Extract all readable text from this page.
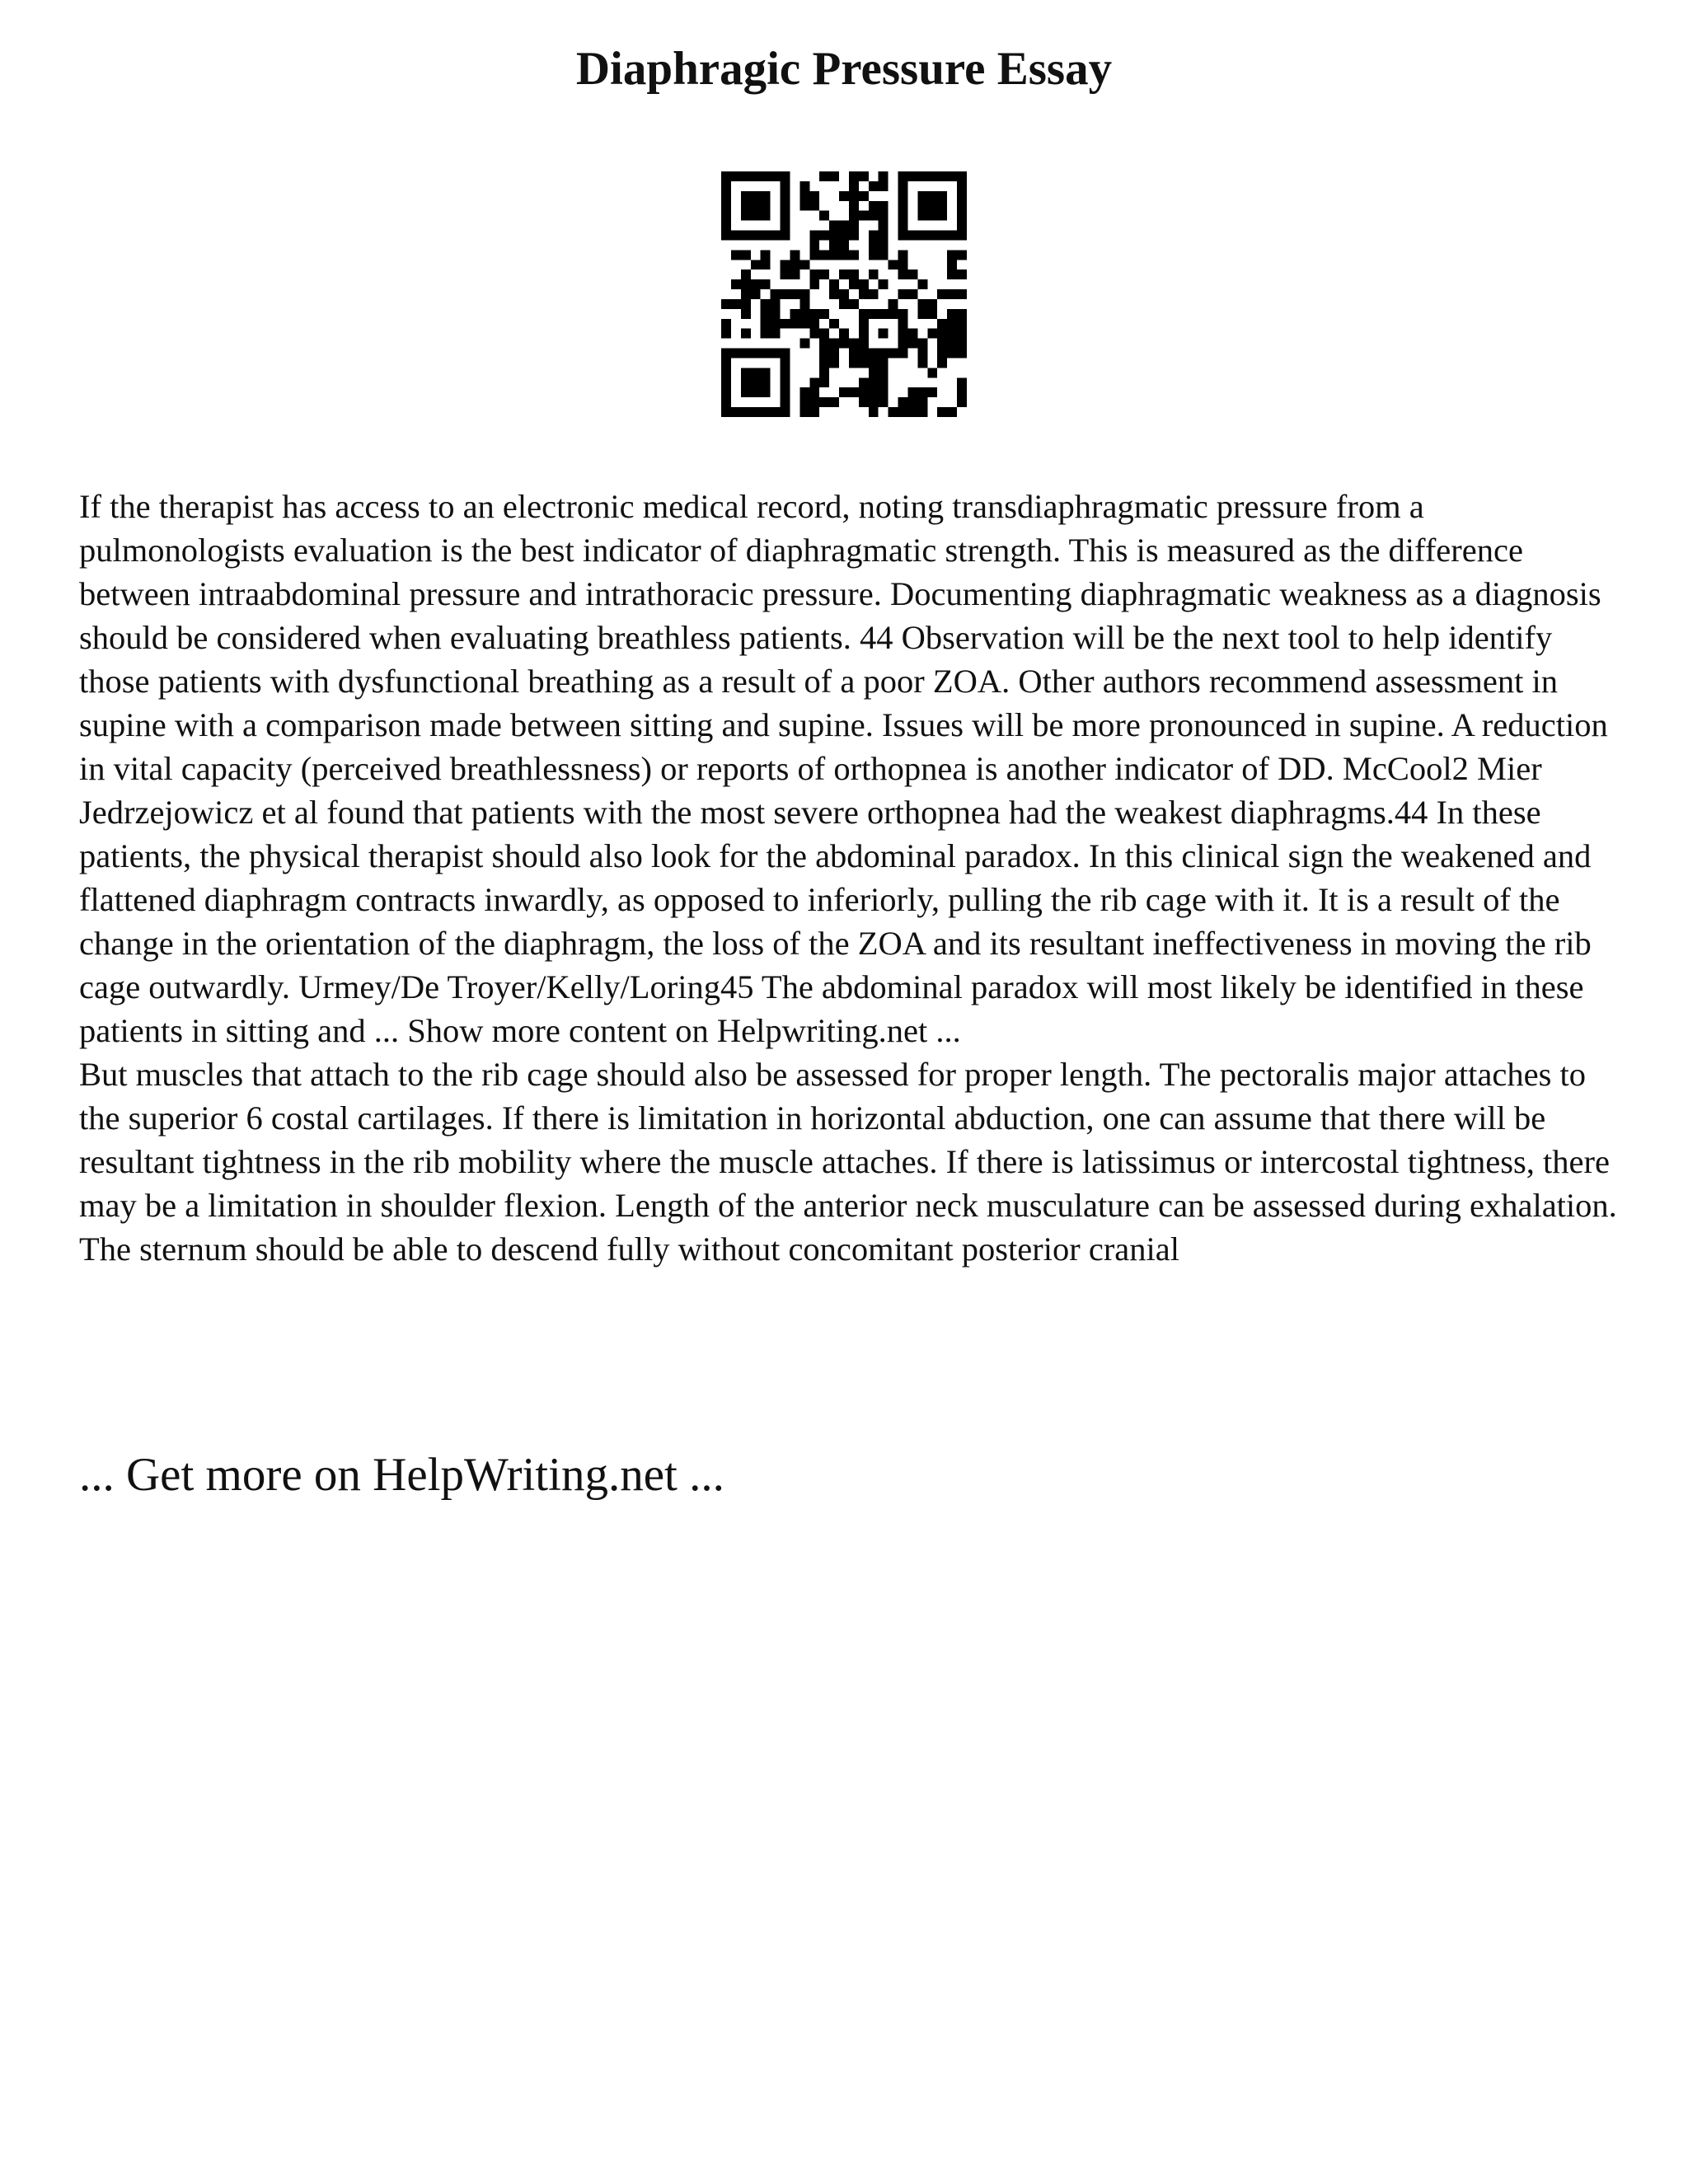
Diaphragic Pressure Essay

If the therapist has access to an electronic medical record, noting transdiaphragmatic pressure from a pulmonologists evaluation is the best indicator of diaphragmatic strength. This is measured as the difference between intraabdominal pressure and intrathoracic pressure. Documenting diaphragmatic weakness as a diagnosis should be considered when evaluating breathless patients. 44 Observation will be the next tool to help identify those patients with dysfunctional breathing as a result of a poor ZOA. Other authors recommend assessment in supine with a comparison made between sitting and supine. Issues will be more pronounced in supine. A reduction in vital capacity (perceived breathlessness) or reports of orthopnea is another indicator of DD. McCool2 Mier Jedrzejowicz et al found that patients with the most severe orthopnea had the weakest diaphragms.44 In these patients, the physical therapist should also look for the abdominal paradox. In this clinical sign the weakened and flattened diaphragm contracts inwardly, as opposed to inferiorly, pulling the rib cage with it. It is a result of the change in the orientation of the diaphragm, the loss of the ZOA and its resultant ineffectiveness in moving the rib cage outwardly. Urmey/De Troyer/Kelly/Loring45 The abdominal paradox will most likely be identified in these patients in sitting and ... Show more content on Helpwriting.net ...

But muscles that attach to the rib cage should also be assessed for proper length. The pectoralis major attaches to the superior 6 costal cartilages. If there is limitation in horizontal abduction, one can assume that there will be resultant tightness in the rib mobility where the muscle attaches. If there is latissimus or intercostal tightness, there may be a limitation in shoulder flexion. Length of the anterior neck musculature can be assessed during exhalation. The sternum should be able to descend fully without concomitant posterior cranial

... Get more on HelpWriting.net ...
